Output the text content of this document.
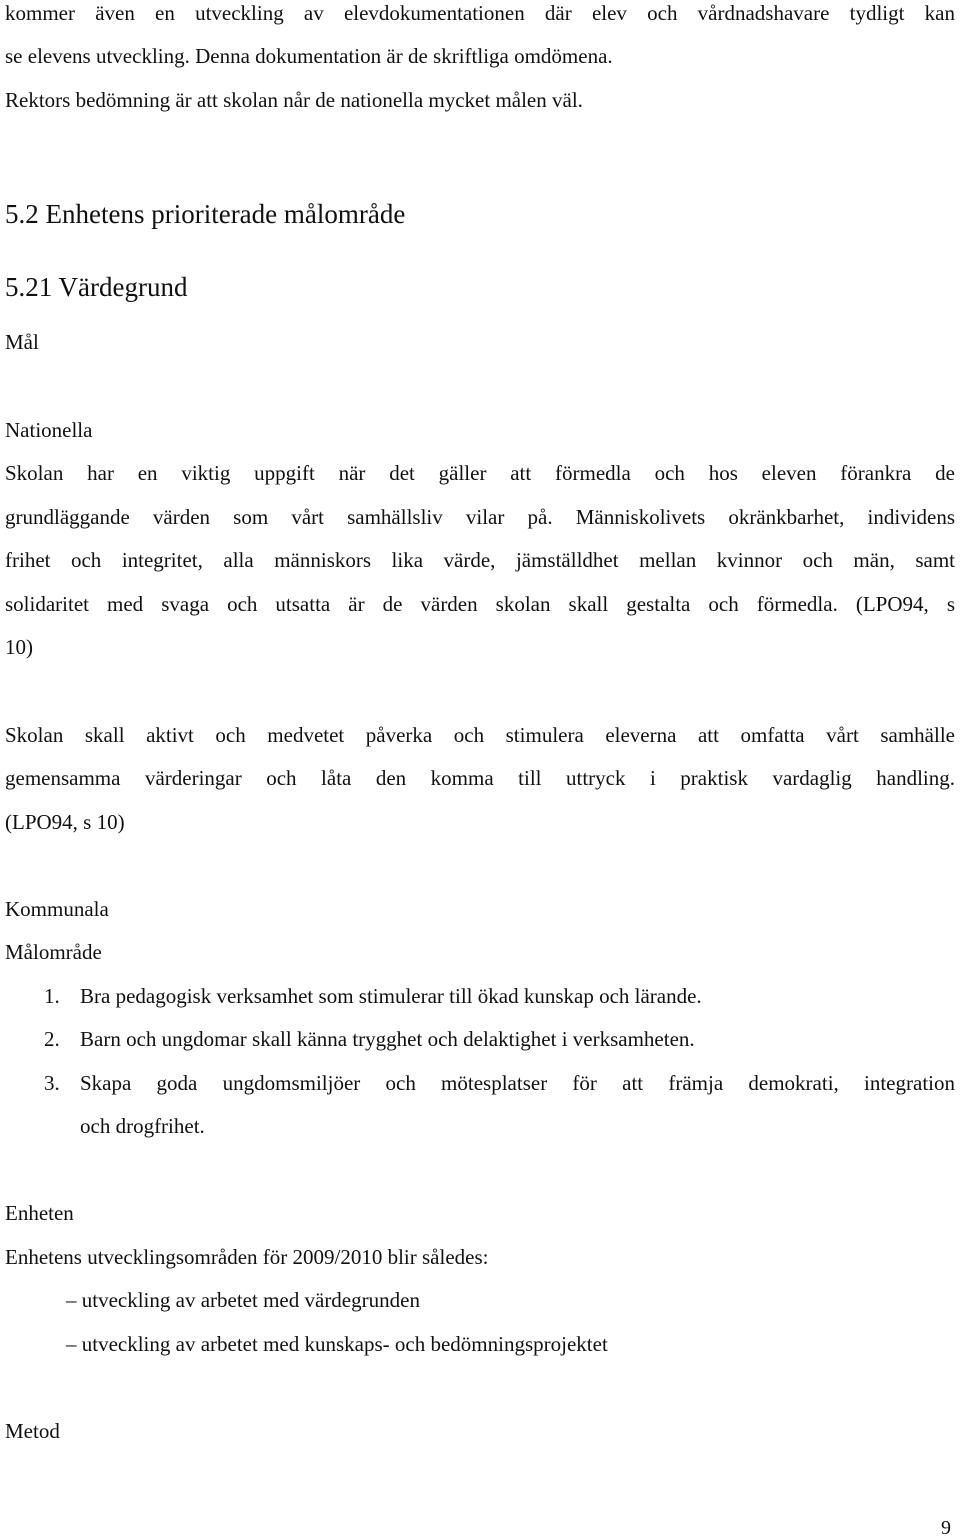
kommer även en utveckling av elevdokumentationen där elev och vårdnadshavare tydligt kan
se elevens utveckling. Denna dokumentation är de skriftliga omdömena.
Rektors bedömning är att skolan når de nationella mycket målen väl.
5.2 Enhetens prioriterade målområde
5.21 Värdegrund
Mål
Nationella
Skolan har en viktig uppgift när det gäller att förmedla och hos eleven förankra de
grundläggande värden som vårt samhällsliv vilar på. Människolivets okränkbarhet, individens
frihet och integritet, alla människors lika värde, jämställdhet mellan kvinnor och män, samt
solidaritet med svaga och utsatta är de värden skolan skall gestalta och förmedla. (LPO94, s
10)
Skolan skall aktivt och medvetet påverka och stimulera eleverna att omfatta vårt samhälle
gemensamma värderingar och låta den komma till uttryck i praktisk vardaglig handling.
(LPO94, s 10)
Kommunala
Målområde
1. Bra pedagogisk verksamhet som stimulerar till ökad kunskap och lärande.
2. Barn och ungdomar skall känna trygghet och delaktighet i verksamheten.
3. Skapa goda ungdomsmiljöer och mötesplatser för att främja demokrati, integration
och drogfrihet.
Enheten
Enhetens utvecklingsområden för 2009/2010 blir således:
– utveckling av arbetet med värdegrunden
– utveckling av arbetet med kunskaps- och bedömningsprojektet
Metod
9
